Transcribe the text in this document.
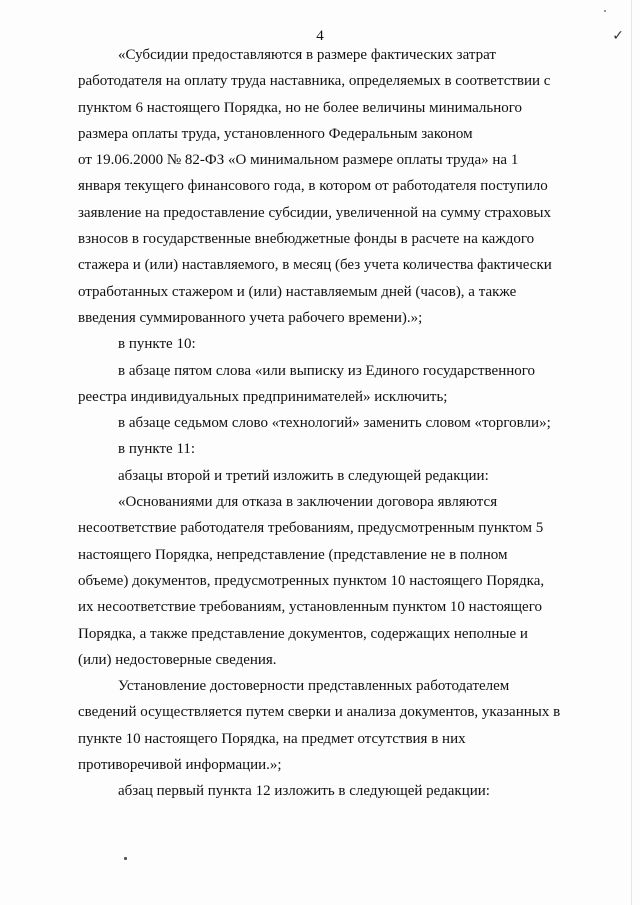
✓
4

«Субсидии предоставляются в размере фактических затрат

работодателя на оплату труда наставника, определяемых в соответствии с

пунктом 6 настоящего Порядка, но не более величины минимального

размера оплаты труда, установленного Федеральным законом

от 19.06.2000 № 82-ФЗ «О минимальном размере оплаты труда» на 1

января текущего финансового года, в котором от работодателя поступило

заявление на предоставление субсидии, увеличенной на сумму страховых

взносов в государственные внебюджетные фонды в расчете на каждого

стажера и (или) наставляемого, в месяц (без учета количества фактически

отработанных стажером и (или) наставляемым дней (часов), а также

введения суммированного учета рабочего времени).»;

в пункте 10:

в абзаце пятом слова «или выписку из Единого государственного

реестра индивидуальных предпринимателей» исключить;

в абзаце седьмом слово «технологий» заменить словом «торговли»;

в пункте 11:

абзацы второй и третий изложить в следующей редакции:

«Основаниями для отказа в заключении договора являются

несоответствие работодателя требованиям, предусмотренным пунктом 5

настоящего Порядка, непредставление (представление не в полном

объеме) документов, предусмотренных пунктом 10 настоящего Порядка,

их несоответствие требованиям, установленным пунктом 10 настоящего

Порядка, а также представление документов, содержащих неполные и

(или) недостоверные сведения.

Установление достоверности представленных работодателем

сведений осуществляется путем сверки и анализа документов, указанных в

пункте 10 настоящего Порядка, на предмет отсутствия в них

противоречивой информации.»;

абзац первый пункта 12 изложить в следующей редакции:
